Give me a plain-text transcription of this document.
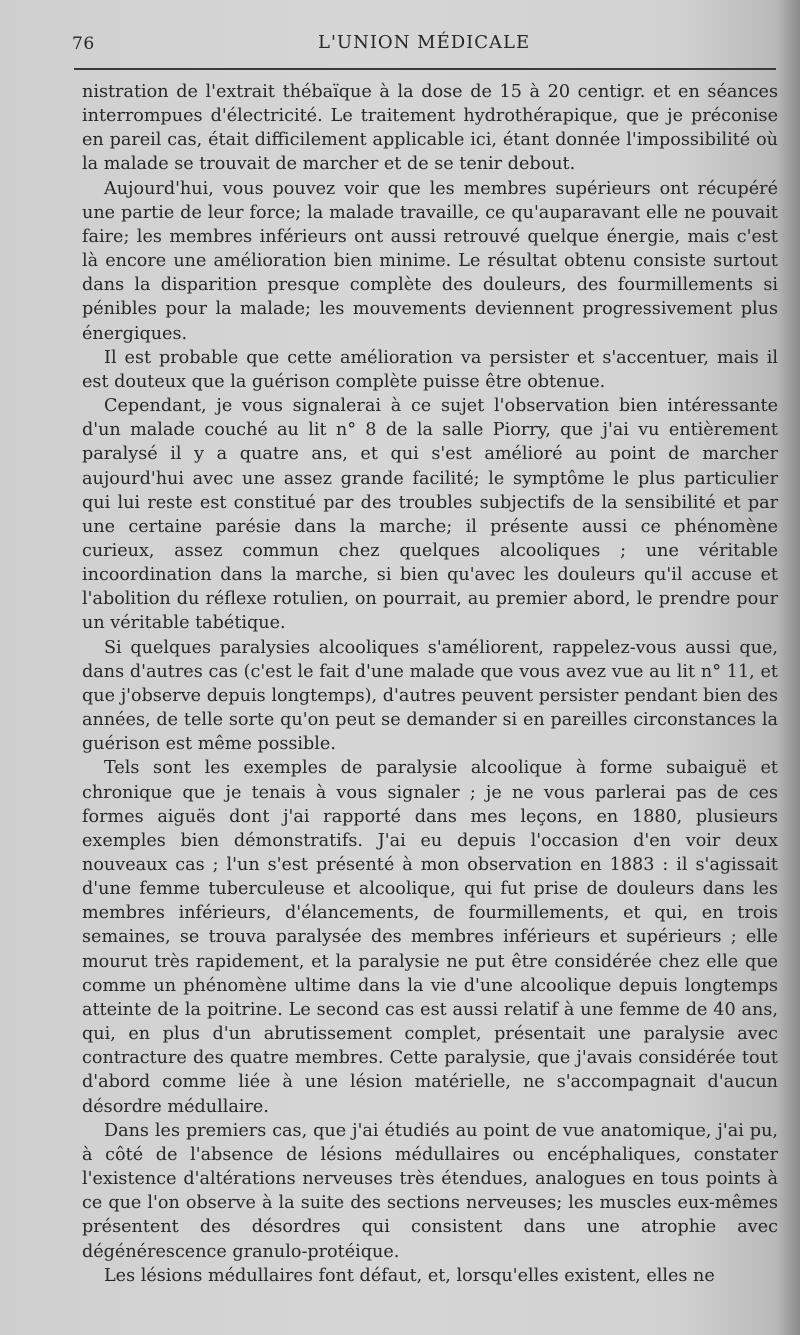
76	L'UNION MÉDICALE

nistration de l'extrait thébaïque à la dose de 15 à 20 centigr. et en séances interrompues d'électricité. Le traitement hydrothérapique, que je préconise en pareil cas, était difficilement applicable ici, étant donnée l'impossibilité où la malade se trouvait de marcher et de se tenir debout.

Aujourd'hui, vous pouvez voir que les membres supérieurs ont récupéré une partie de leur force; la malade travaille, ce qu'auparavant elle ne pouvait faire; les membres inférieurs ont aussi retrouvé quelque énergie, mais c'est là encore une amélioration bien minime. Le résultat obtenu consiste surtout dans la disparition presque complète des douleurs, des fourmillements si pénibles pour la malade; les mouvements deviennent progressivement plus énergiques.

Il est probable que cette amélioration va persister et s'accentuer, mais il est douteux que la guérison complète puisse être obtenue.

Cependant, je vous signalerai à ce sujet l'observation bien intéressante d'un malade couché au lit n° 8 de la salle Piorry, que j'ai vu entièrement paralysé il y a quatre ans, et qui s'est amélioré au point de marcher aujourd'hui avec une assez grande facilité; le symptôme le plus particulier qui lui reste est constitué par des troubles subjectifs de la sensibilité et par une certaine parésie dans la marche; il présente aussi ce phénomène curieux, assez commun chez quelques alcooliques ; une véritable incoordination dans la marche, si bien qu'avec les douleurs qu'il accuse et l'abolition du réflexe rotulien, on pourrait, au premier abord, le prendre pour un véritable tabétique.

Si quelques paralysies alcooliques s'améliorent, rappelez-vous aussi que, dans d'autres cas (c'est le fait d'une malade que vous avez vue au lit n° 11, et que j'observe depuis longtemps), d'autres peuvent persister pendant bien des années, de telle sorte qu'on peut se demander si en pareilles circonstances la guérison est même possible.

Tels sont les exemples de paralysie alcoolique à forme subaiguë et chronique que je tenais à vous signaler ; je ne vous parlerai pas de ces formes aiguës dont j'ai rapporté dans mes leçons, en 1880, plusieurs exemples bien démonstratifs. J'ai eu depuis l'occasion d'en voir deux nouveaux cas ; l'un s'est présenté à mon observation en 1883 : il s'agissait d'une femme tuberculeuse et alcoolique, qui fut prise de douleurs dans les membres inférieurs, d'élancements, de fourmillements, et qui, en trois semaines, se trouva paralysée des membres inférieurs et supérieurs ; elle mourut très rapidement, et la paralysie ne put être considérée chez elle que comme un phénomène ultime dans la vie d'une alcoolique depuis longtemps atteinte de la poitrine. Le second cas est aussi relatif à une femme de 40 ans, qui, en plus d'un abrutissement complet, présentait une paralysie avec contracture des quatre membres. Cette paralysie, que j'avais considérée tout d'abord comme liée à une lésion matérielle, ne s'accompagnait d'aucun désordre médullaire.

Dans les premiers cas, que j'ai étudiés au point de vue anatomique, j'ai pu, à côté de l'absence de lésions médullaires ou encéphaliques, constater l'existence d'altérations nerveuses très étendues, analogues en tous points à ce que l'on observe à la suite des sections nerveuses; les muscles eux-mêmes présentent des désordres qui consistent dans une atrophie avec dégénérescence granulo-protéique.

Les lésions médullaires font défaut, et, lorsqu'elles existent, elles ne
